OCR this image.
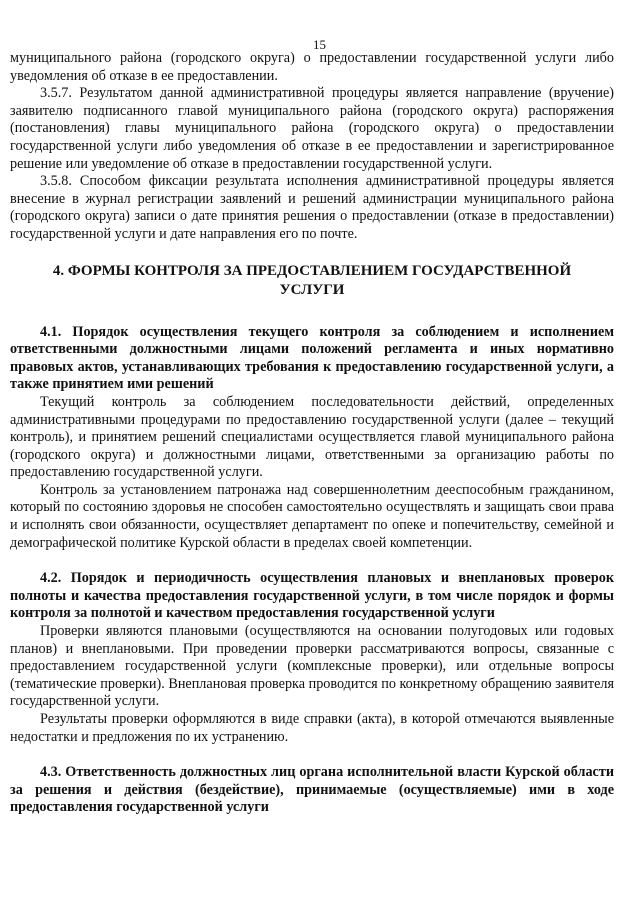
15

муниципального района (городского округа) о предоставлении государственной услуги либо уведомления об отказе в ее предоставлении.

3.5.7. Результатом данной административной процедуры является направление (вручение) заявителю подписанного главой муниципального района (городского округа) распоряжения (постановления) главы муниципального района (городского округа) о предоставлении государственной услуги либо уведомления об отказе в ее предоставлении и зарегистрированное решение или уведомление об отказе в предоставлении государственной услуги.

3.5.8. Способом фиксации результата исполнения административной процедуры является внесение в журнал регистрации заявлений и решений администрации муниципального района (городского округа) записи о дате принятия решения о предоставлении (отказе в предоставлении) государственной услуги и дате направления его по почте.

4. ФОРМЫ КОНТРОЛЯ ЗА ПРЕДОСТАВЛЕНИЕМ ГОСУДАРСТВЕННОЙ УСЛУГИ

4.1. Порядок осуществления текущего контроля за соблюдением и исполнением ответственными должностными лицами положений регламента и иных нормативно правовых актов, устанавливающих требования к предоставлению государственной услуги, а также принятием ими решений

Текущий контроль за соблюдением последовательности действий, определенных административными процедурами по предоставлению государственной услуги (далее – текущий контроль), и принятием решений специалистами осуществляется главой муниципального района (городского округа) и должностными лицами, ответственными за организацию работы по предоставлению государственной услуги.

Контроль за установлением патронажа над совершеннолетним дееспособным гражданином, который по состоянию здоровья не способен самостоятельно осуществлять и защищать свои права и исполнять свои обязанности, осуществляет департамент по опеке и попечительству, семейной и демографической политике Курской области в пределах своей компетенции.

4.2. Порядок и периодичность осуществления плановых и внеплановых проверок полноты и качества предоставления государственной услуги, в том числе порядок и формы контроля за полнотой и качеством предоставления государственной услуги

Проверки являются плановыми (осуществляются на основании полугодовых или годовых планов) и внеплановыми. При проведении проверки рассматриваются вопросы, связанные с предоставлением государственной услуги (комплексные проверки), или отдельные вопросы (тематические проверки). Внеплановая проверка проводится по конкретному обращению заявителя государственной услуги.

Результаты проверки оформляются в виде справки (акта), в которой отмечаются выявленные недостатки и предложения по их устранению.

4.3. Ответственность должностных лиц органа исполнительной власти Курской области за решения и действия (бездействие), принимаемые (осуществляемые) ими в ходе предоставления государственной услуги
